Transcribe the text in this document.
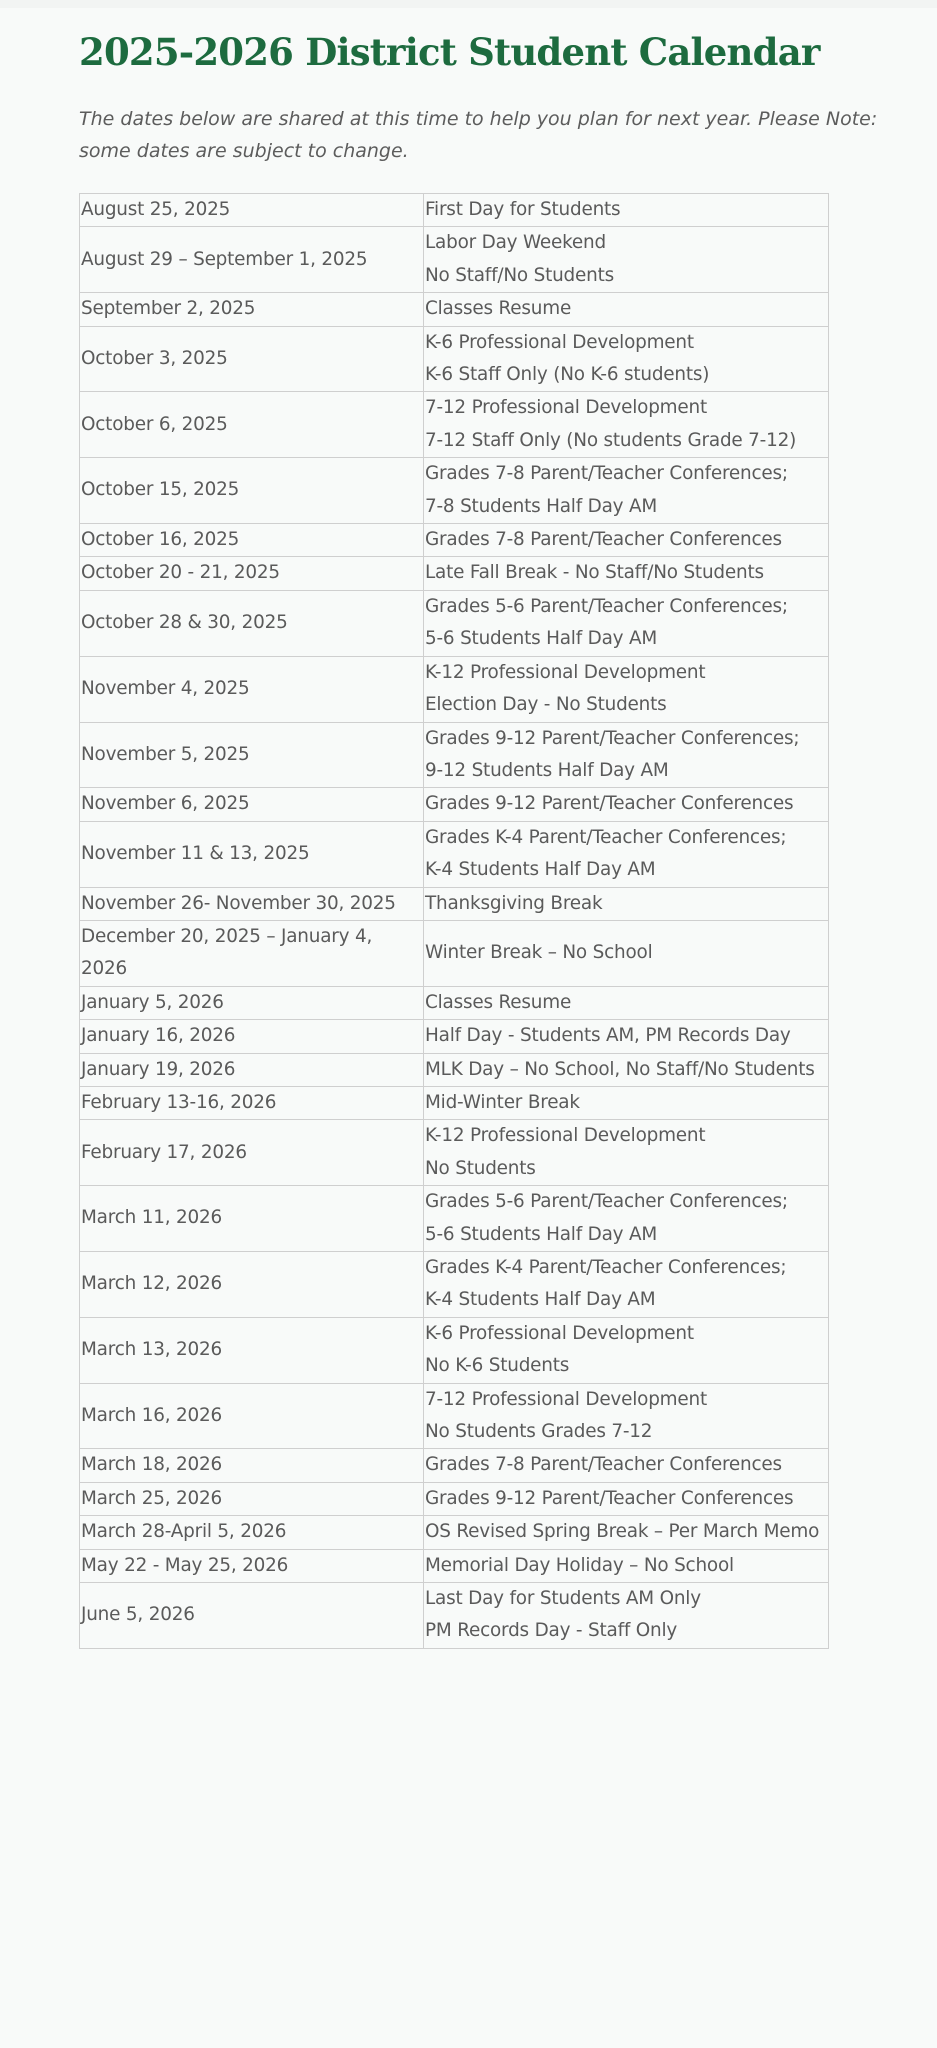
2025-2026 District Student Calendar

The dates below are shared at this time to help you plan for next year. Please Note: some dates are subject to change.

August 25, 2025	First Day for Students
August 29 – September 1, 2025	Labor Day Weekend
No Staff/No Students
September 2, 2025	Classes Resume
October 3, 2025	K-6 Professional Development
K-6 Staff Only (No K-6 students)
October 6, 2025	7-12 Professional Development
7-12 Staff Only (No students Grade 7-12)
October 15, 2025	Grades 7-8 Parent/Teacher Conferences;
7-8 Students Half Day AM
October 16, 2025	Grades 7-8 Parent/Teacher Conferences
October 20 - 21, 2025	Late Fall Break - No Staff/No Students
October 28 & 30, 2025	Grades 5-6 Parent/Teacher Conferences;
5-6 Students Half Day AM
November 4, 2025	K-12 Professional Development
Election Day - No Students
November 5, 2025	Grades 9-12 Parent/Teacher Conferences;
9-12 Students Half Day AM
November 6, 2025	Grades 9-12 Parent/Teacher Conferences
November 11 & 13, 2025	Grades K-4 Parent/Teacher Conferences;
K-4 Students Half Day AM
November 26- November 30, 2025	Thanksgiving Break
December 20, 2025 – January 4, 2026	Winter Break – No School
January 5, 2026	Classes Resume
January 16, 2026	Half Day - Students AM, PM Records Day
January 19, 2026	MLK Day – No School, No Staff/No Students
February 13-16, 2026	Mid-Winter Break
February 17, 2026	K-12 Professional Development
No Students
March 11, 2026	Grades 5-6 Parent/Teacher Conferences;
5-6 Students Half Day AM
March 12, 2026	Grades K-4 Parent/Teacher Conferences;
K-4 Students Half Day AM
March 13, 2026	K-6 Professional Development
No K-6 Students
March 16, 2026	7-12 Professional Development
No Students Grades 7-12
March 18, 2026	Grades 7-8 Parent/Teacher Conferences
March 25, 2026	Grades 9-12 Parent/Teacher Conferences
March 28-April 5, 2026	OS Revised Spring Break – Per March Memo
May 22 - May 25, 2026	Memorial Day Holiday – No School
June 5, 2026	Last Day for Students AM Only
PM Records Day - Staff Only
